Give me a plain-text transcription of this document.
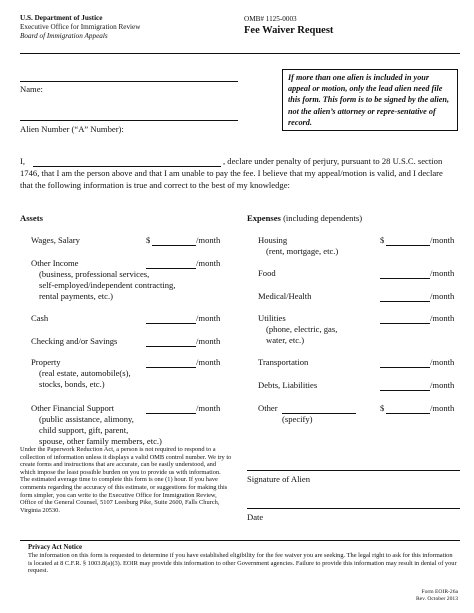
U.S. Department of Justice
Executive Office for Immigration Review
Board of Immigration Appeals
OMB# 1125-0003
Fee Waiver Request
Name:
Alien Number (“A” Number):
If more than one alien is included in your appeal or motion, only the lead alien need file this form. This form is to be signed by the alien, not the alien’s attorney or repre-sentative of record.
I,	, declare under penalty of perjury, pursuant to 28 U.S.C. section
1746, that I am the person above and that I am unable to pay the fee. I believe that my appeal/motion is valid, and I declare
that the following information is true and correct to the best of my knowledge:
Assets	Expenses (including dependents)
Wages, Salary	$	/month
Other Income
(business, professional services,
self-employed/independent contracting,
rental payments, etc.)
/month
Cash	/month
Checking and/or Savings	/month
Property
(real estate, automobile(s),
stocks, bonds, etc.)
/month
Other Financial Support
(public assistance, alimony,
child support, gift, parent,
spouse, other family members, etc.)
/month
Housing
(rent, mortgage, etc.)
$	/month
Food	/month
Medical/Health	/month
Utilities
(phone, electric, gas,
water, etc.)
/month
Transportation	/month
Debts, Liabilities	/month
Other	$	/month
(specify)
Under the Paperwork Reduction Act, a person is not required to respond to a collection of information unless it displays a valid OMB control number. We try to create forms and instructions that are accurate, can be easily understood, and which impose the least possible burden on you to provide us with information. The estimated average time to complete this form is one (1) hour. If you have comments regarding the accuracy of this estimate, or suggestions for making this form simpler, you can write to the Executive Office for Immigration Review, Office of the General Counsel, 5107 Leesburg Pike, Suite 2600, Falls Church, Virginia 20530.
Signature of Alien
Date
Privacy Act Notice
The information on this form is requested to determine if you have established eligibility for the fee waiver you are seeking. The legal right to ask for this information is located at 8 C.F.R. § 1003.8(a)(3). EOIR may provide this information to other Government agencies. Failure to provide this information may result in denial of your request.
Form EOIR-26a
Rev. October 2013
